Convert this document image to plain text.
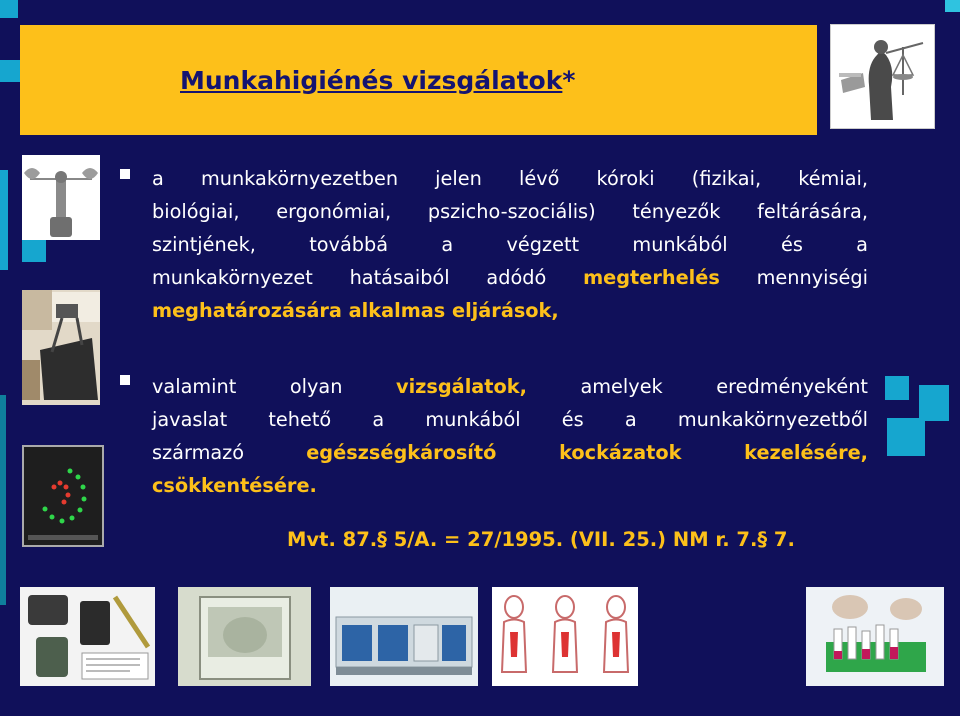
Munkahigiénés vizsgálatok*
a munkakörnyezetben jelen lévő kóroki (fizikai, kémiai,
biológiai, ergonómiai, pszicho-szociális) tényezők feltárására,
szintjének, továbbá a végzett munkából és a
munkakörnyezet hatásaiból adódó megterhelés mennyiségi
meghatározására alkalmas eljárások,
valamint olyan vizsgálatok, amelyek eredményeként
javaslat tehető a munkából és a munkakörnyezetből
származó egészségkárosító kockázatok kezelésére,
csökkentésére.
Mvt. 87.§ 5/A. = 27/1995. (VII. 25.) NM r. 7.§ 7.
